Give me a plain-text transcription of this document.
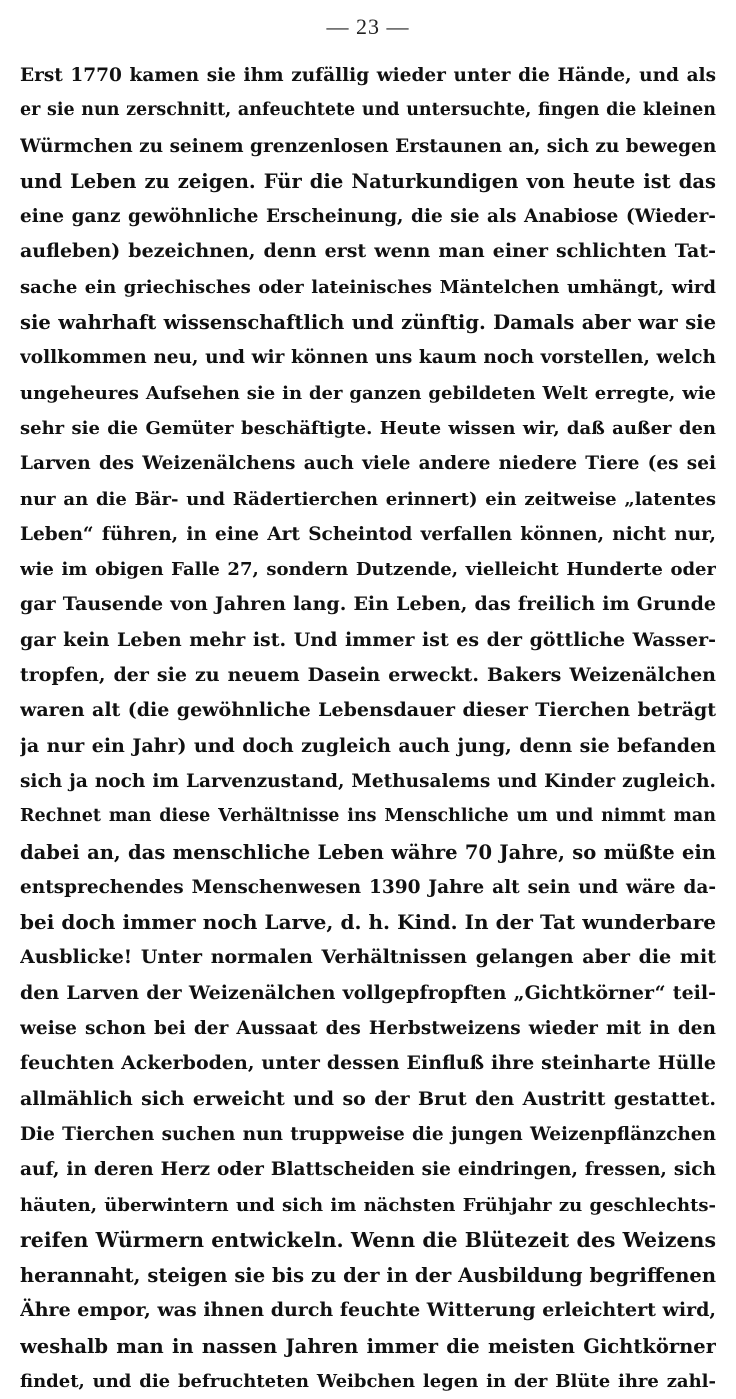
— 23 —
Erst 1770 kamen sie ihm zufällig wieder unter die Hände, und als
er sie nun zerschnitt, anfeuchtete und untersuchte, fingen die kleinen
Würmchen zu seinem grenzenlosen Erstaunen an, sich zu bewegen
und Leben zu zeigen. Für die Naturkundigen von heute ist das
eine ganz gewöhnliche Erscheinung, die sie als Anabiose (Wieder-
aufleben) bezeichnen, denn erst wenn man einer schlichten Tat-
sache ein griechisches oder lateinisches Mäntelchen umhängt, wird
sie wahrhaft wissenschaftlich und zünftig. Damals aber war sie
vollkommen neu, und wir können uns kaum noch vorstellen, welch
ungeheures Aufsehen sie in der ganzen gebildeten Welt erregte, wie
sehr sie die Gemüter beschäftigte. Heute wissen wir, daß außer den
Larven des Weizenälchens auch viele andere niedere Tiere (es sei
nur an die Bär- und Rädertierchen erinnert) ein zeitweise „latentes
Leben“ führen, in eine Art Scheintod verfallen können, nicht nur,
wie im obigen Falle 27, sondern Dutzende, vielleicht Hunderte oder
gar Tausende von Jahren lang. Ein Leben, das freilich im Grunde
gar kein Leben mehr ist. Und immer ist es der göttliche Wasser-
tropfen, der sie zu neuem Dasein erweckt. Bakers Weizenälchen
waren alt (die gewöhnliche Lebensdauer dieser Tierchen beträgt
ja nur ein Jahr) und doch zugleich auch jung, denn sie befanden
sich ja noch im Larvenzustand, Methusalems und Kinder zugleich.
Rechnet man diese Verhältnisse ins Menschliche um und nimmt man
dabei an, das menschliche Leben währe 70 Jahre, so müßte ein
entsprechendes Menschenwesen 1390 Jahre alt sein und wäre da-
bei doch immer noch Larve, d. h. Kind. In der Tat wunderbare
Ausblicke! Unter normalen Verhältnissen gelangen aber die mit
den Larven der Weizenälchen vollgepfropften „Gichtkörner“ teil-
weise schon bei der Aussaat des Herbstweizens wieder mit in den
feuchten Ackerboden, unter dessen Einfluß ihre steinharte Hülle
allmählich sich erweicht und so der Brut den Austritt gestattet.
Die Tierchen suchen nun truppweise die jungen Weizenpflänzchen
auf, in deren Herz oder Blattscheiden sie eindringen, fressen, sich
häuten, überwintern und sich im nächsten Frühjahr zu geschlechts-
reifen Würmern entwickeln. Wenn die Blütezeit des Weizens
herannaht, steigen sie bis zu der in der Ausbildung begriffenen
Ähre empor, was ihnen durch feuchte Witterung erleichtert wird,
weshalb man in nassen Jahren immer die meisten Gichtkörner
findet, und die befruchteten Weibchen legen in der Blüte ihre zahl-
